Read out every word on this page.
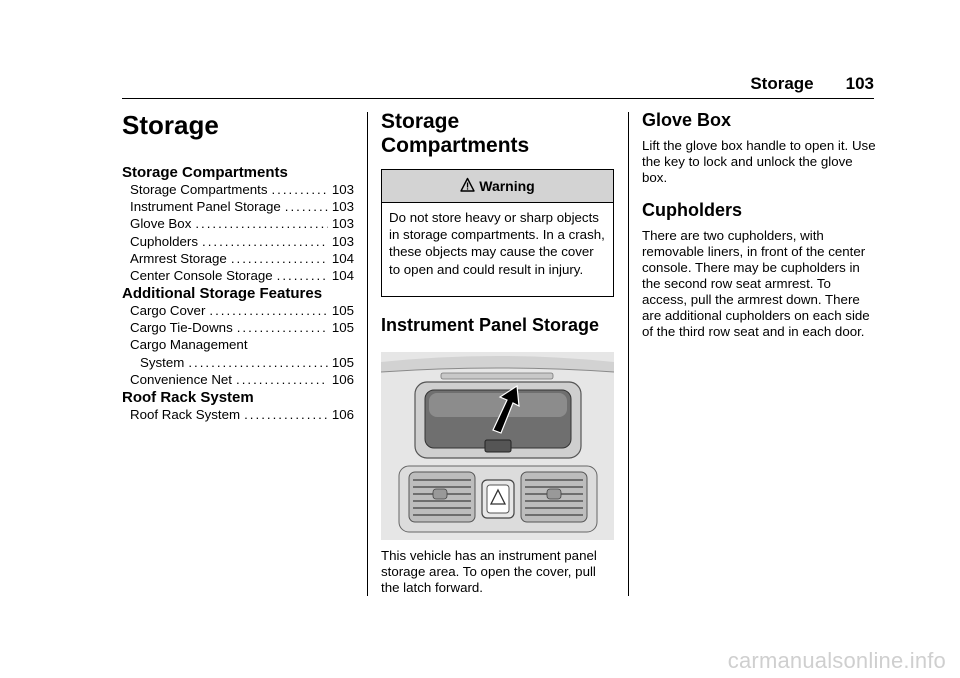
Storage 103
Storage
Storage Compartments
Storage Compartments .....	103
Instrument Panel Storage .....	103
Glove Box .....	103
Cupholders .....	103
Armrest Storage .....	104
Center Console Storage .....	104
Additional Storage Features
Cargo Cover .....	105
Cargo Tie-Downs .....	105
Cargo Management
System .....	105
Convenience Net .....	106
Roof Rack System
Roof Rack System .....	106
Storage
Compartments
Warning
Do not store heavy or sharp objects in storage compartments. In a crash, these objects may cause the cover to open and could result in injury.
Instrument Panel Storage
This vehicle has an instrument panel storage area. To open the cover, pull the latch forward.
Glove Box
Lift the glove box handle to open it. Use the key to lock and unlock the glove box.
Cupholders
There are two cupholders, with removable liners, in front of the center console. There may be cupholders in the second row seat armrest. To access, pull the armrest down. There are additional cupholders on each side of the third row seat and in each door.
carmanualsonline.info
